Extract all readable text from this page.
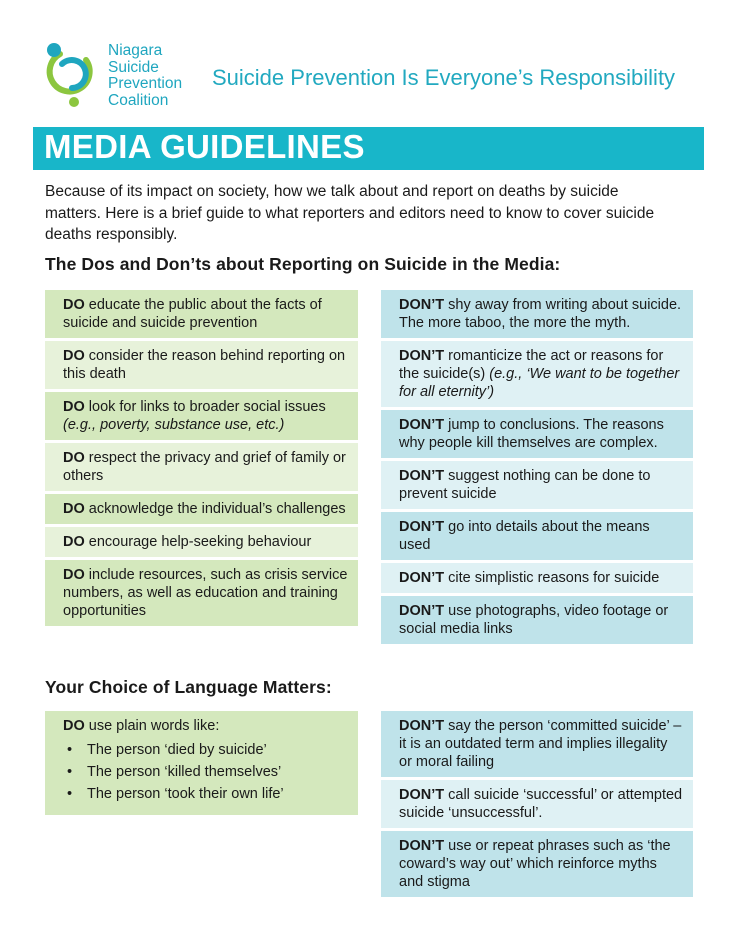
Niagara
Suicide
Prevention
Coalition
Suicide Prevention Is Everyone’s Responsibility
MEDIA GUIDELINES
Because of its impact on society, how we talk about and report on deaths by suicide matters. Here is a brief guide to what reporters and editors need to know to cover suicide deaths responsibly.
The Dos and Don’ts about Reporting on Suicide in the Media:
DO educate the public about the facts of suicide and suicide prevention
DO consider the reason behind reporting on this death
DO look for links to broader social issues (e.g., poverty, substance use, etc.)
DO respect the privacy and grief of family or others
DO acknowledge the individual’s challenges
DO encourage help-seeking behaviour
DO include resources, such as crisis service numbers, as well as education and training opportunities
DON’T shy away from writing about suicide. The more taboo, the more the myth.
DON’T romanticize the act or reasons for the suicide(s) (e.g., ‘We want to be together for all eternity’)
DON’T jump to conclusions. The reasons why people kill themselves are complex.
DON’T suggest nothing can be done to prevent suicide
DON’T go into details about the means used
DON’T cite simplistic reasons for suicide
DON’T use photographs, video footage or social media links
Your Choice of Language Matters:
DO use plain words like:
• The person ‘died by suicide’
• The person ‘killed themselves’
• The person ‘took their own life’
DON’T say the person ‘committed suicide’ – it is an outdated term and implies illegality or moral failing
DON’T call suicide ‘successful’ or attempted suicide ‘unsuccessful’.
DON’T use or repeat phrases such as ‘the coward’s way out’ which reinforce myths and stigma
